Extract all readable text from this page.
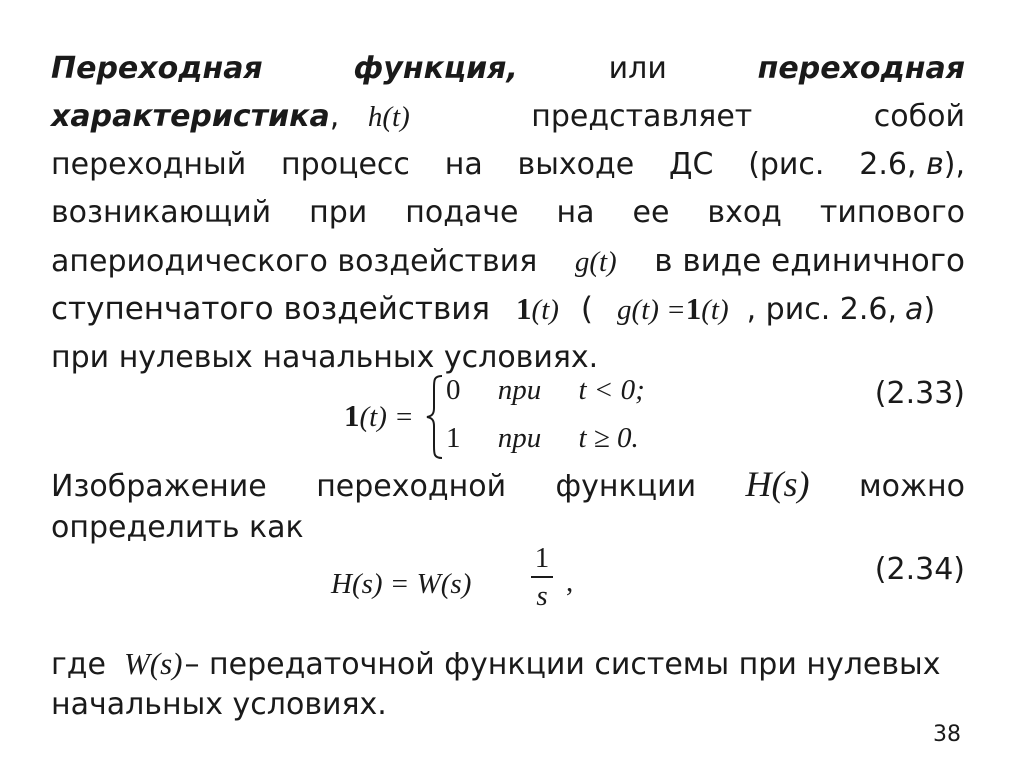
Переходная	функция,	или	переходная
характеристика, h(t)	представляет	собой
переходный процесс на выходе ДС (рис. 2.6, в),
возникающий при подаче на ее вход типового
апериодического воздействия g(t) в виде единичного
ступенчатого воздействия 1(t) ( g(t) =1(t) , рис. 2.6, а )
при нулевых начальных условиях.
1(t) =
0 при t < 0;
1 при t ≥ 0.
(2.33)
Изображение переходной функции H(s) можно
определить как
H(s) = W(s)
1
s ,	(2.34)
где W(s) – передаточной функции системы при нулевых
начальных условиях.
38
